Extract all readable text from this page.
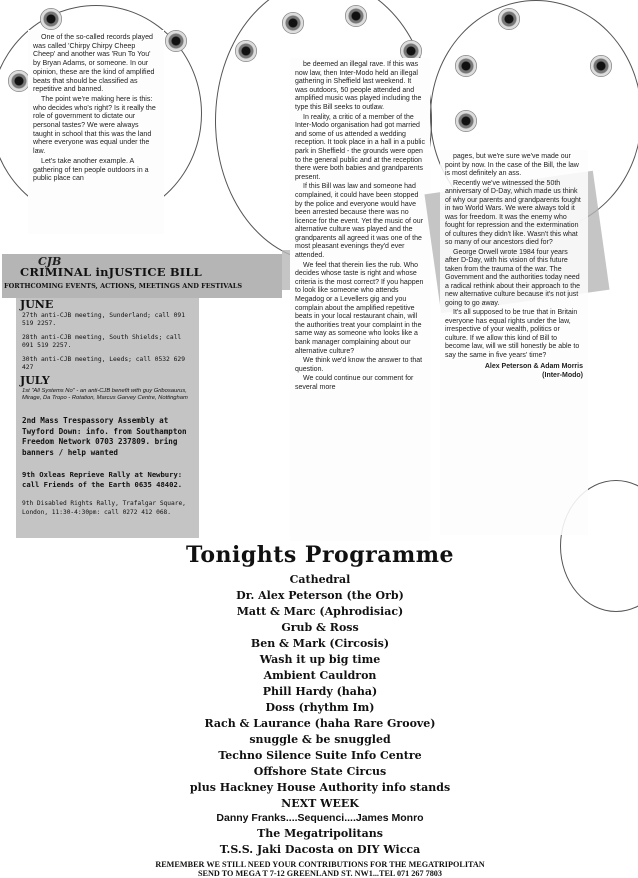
One of the so-called records played was called 'Chirpy Chirpy Cheep Cheep' and another was 'Run To You' by Bryan Adams, or someone. In our opinion, these are the kind of amplified beats that should be classified as repetitive and banned.

The point we're making here is this: who decides who's right? Is it really the role of government to dictate our personal tastes? We were always taught in school that this was the land where everyone was equal under the law.

Let's take another example. A gathering of ten people outdoors in a public place can

be deemed an illegal rave. If this was now law, then Inter-Modo held an illegal gathering in Sheffield last weekend. It was outdoors, 50 people attended and amplified music was played including the type this Bill seeks to outlaw.

In reality, a critic of a member of the Inter-Modo organisation had got married and some of us attended a wedding reception. It took place in a hall in a public park in Sheffield - the grounds were open to the general public and at the reception there were both babies and grandparents present.

If this Bill was law and someone had complained, it could have been stopped by the police and everyone would have been arrested because there was no licence for the event. Yet the music of our alternative culture was played and the grandparents all agreed it was one of the most pleasant evenings they'd ever attended.

We feel that therein lies the rub. Who decides whose taste is right and whose criteria is the most correct? If you happen to look like someone who attends Megadog or a Levellers gig and you complain about the amplified repetitive beats in your local restaurant chain, will the authorities treat your complaint in the same way as someone who looks like a bank manager complaining about our alternative culture?

We think we'd know the answer to that question.

We could continue our comment for several more

pages, but we're sure we've made our point by now. In the case of the Bill, the law is most definitely an ass.

Recently we've witnessed the 50th anniversary of D-Day, which made us think of why our parents and grandparents fought in two World Wars. We were always told it was for freedom. It was the enemy who fought for repression and the extermination of cultures they didn't like. Wasn't this what so many of our ancestors died for?

George Orwell wrote 1984 four years after D-Day, with his vision of this future taken from the trauma of the war. The Government and the authorities today need a radical rethink about their approach to the new alternative culture because it's not just going to go away.

It's all supposed to be true that in Britain everyone has equal rights under the law, irrespective of your wealth, politics or culture. If we allow this kind of Bill to become law, will we still honestly be able to say the same in five years' time?

Alex Peterson & Adam Morris (Inter-Modo)
CJB
CRIMINAL inJUSTICE BILL
FORTHCOMING EVENTS, ACTIONS, MEETINGS AND FESTIVALS
JUNE
27th anti-CJB meeting, Sunderland; call 091 519 2257.
28th anti-CJB meeting, South Shields; call 091 519 2257.
30th anti-CJB meeting, Leeds; call 0532 629 427
JULY
1st "All Systems No" - an anti-CJB benefit with guy Gribosaurus, Mirage, Da Tropo - Rotation, Marcus Garvey Centre, Nottingham
2nd Mass Trespassory Assembly at Twyford Down: info. from Southampton Freedom Network 0703 237809. bring banners / help wanted
9th Oxleas Reprieve Rally at Newbury: call Friends of the Earth 0635 48402.
9th Disabled Rights Rally, Trafalgar Square, London, 11:30-4:30pm: call 0272 412 068.
Tonights Programme
Cathedral
Dr. Alex Peterson (the Orb)
Matt & Marc (Aphrodisiac)
Grub & Ross
Ben & Mark (Circosis)
Wash it up big time
Ambient Cauldron
Phill Hardy (haha)
Doss (rhythm Im)
Rach & Laurance (haha Rare Groove)
snuggle & be snuggled
Techno Silence Suite Info Centre
Offshore State Circus
plus Hackney House Authority info stands
NEXT WEEK
Danny Franks....Sequenci....James Monro
The Megatripolitans
T.S.S. Jaki Dacosta on DIY Wicca
REMEMBER WE STILL NEED YOUR CONTRIBUTIONS FOR THE MEGATRIPOLITAN
SEND TO MEGA T 7-12 GREENLAND ST. NW1...TEL 071 267 7803
